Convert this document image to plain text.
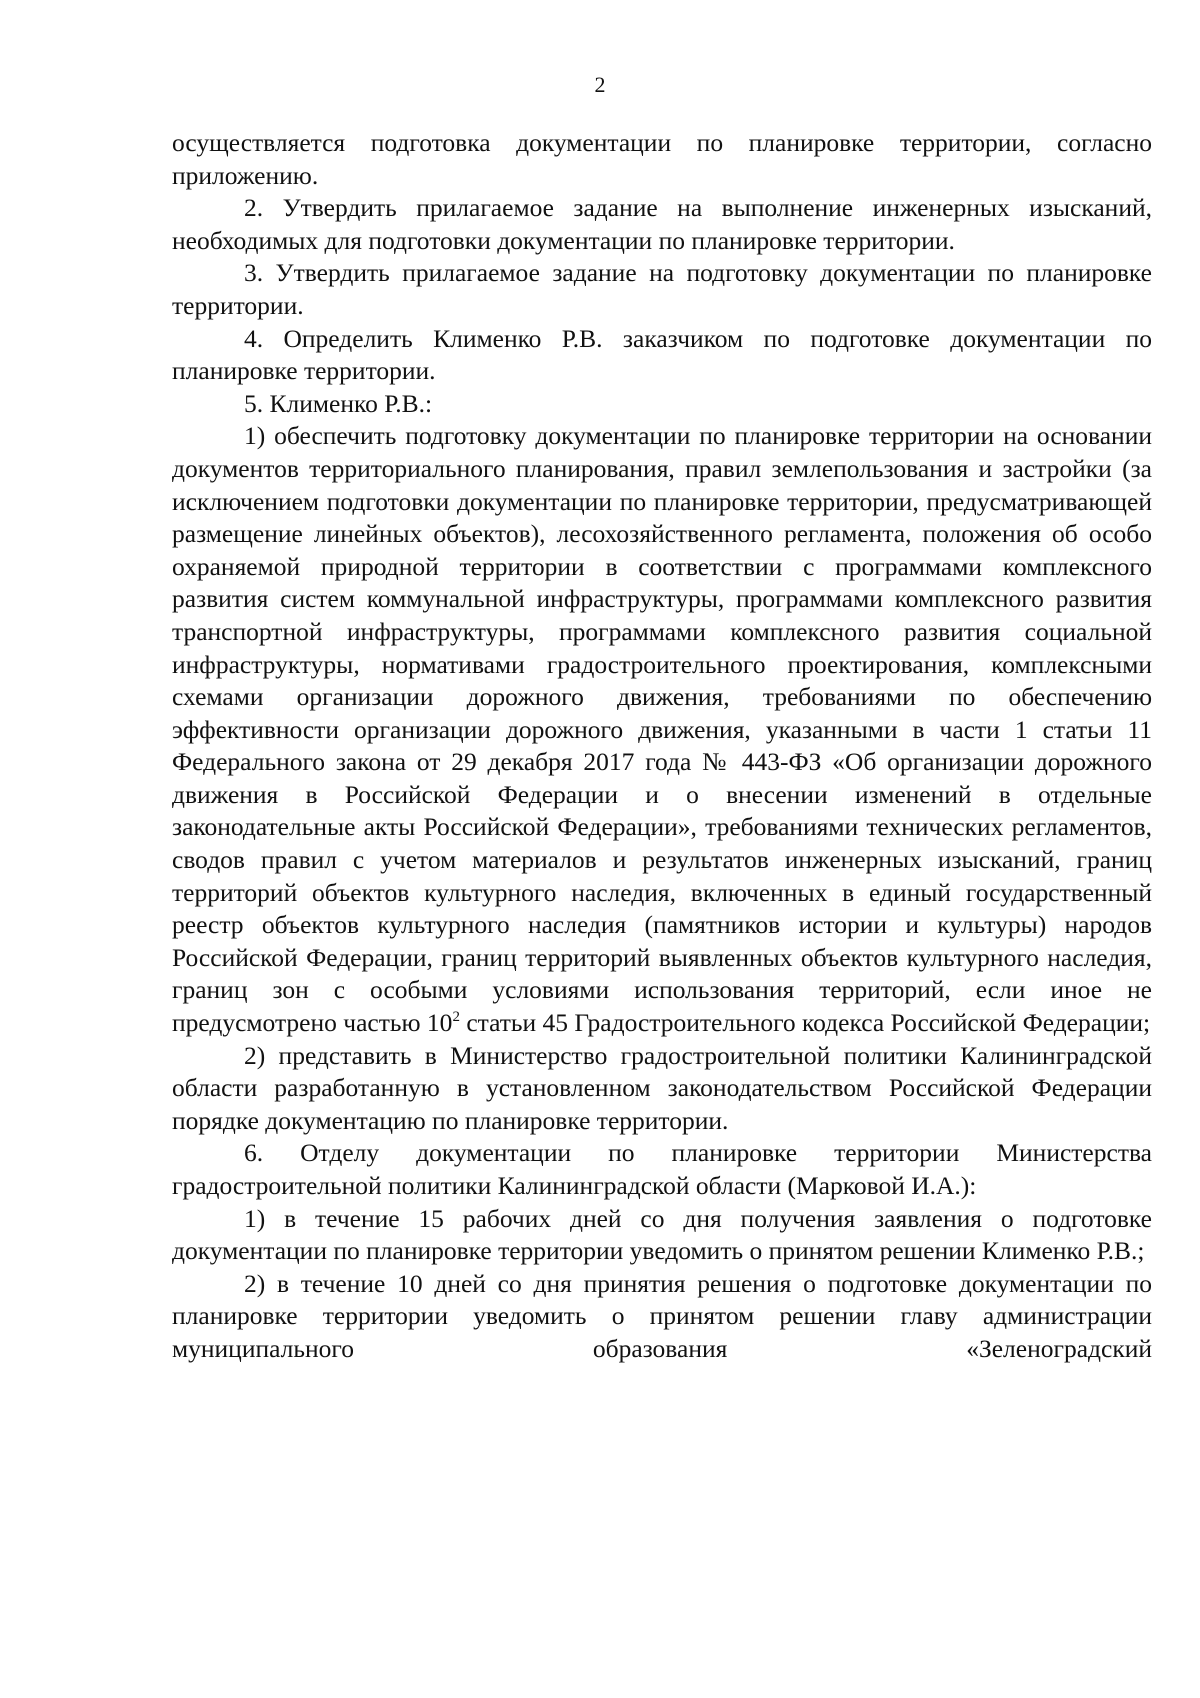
2

осуществляется подготовка документации по планировке территории, согласно приложению.

2. Утвердить прилагаемое задание на выполнение инженерных изысканий, необходимых для подготовки документации по планировке территории.

3. Утвердить прилагаемое задание на подготовку документации по планировке территории.

4. Определить Клименко Р.В. заказчиком по подготовке документации по планировке территории.

5. Клименко Р.В.:

1) обеспечить подготовку документации по планировке территории на основании документов территориального планирования, правил землепользования и застройки (за исключением подготовки документации по планировке территории, предусматривающей размещение линейных объектов), лесохозяйственного регламента, положения об особо охраняемой природной территории в соответствии с программами комплексного развития систем коммунальной инфраструктуры, программами комплексного развития транспортной инфраструктуры, программами комплексного развития социальной инфраструктуры, нормативами градостроительного проектирования, комплексными схемами организации дорожного движения, требованиями по обеспечению эффективности организации дорожного движения, указанными в части 1 статьи 11 Федерального закона от 29 декабря 2017 года № 443-ФЗ «Об организации дорожного движения в Российской Федерации и о внесении изменений в отдельные законодательные акты Российской Федерации», требованиями технических регламентов, сводов правил с учетом материалов и результатов инженерных изысканий, границ территорий объектов культурного наследия, включенных в единый государственный реестр объектов культурного наследия (памятников истории и культуры) народов Российской Федерации, границ территорий выявленных объектов культурного наследия, границ зон с особыми условиями использования территорий, если иное не предусмотрено частью $10^2$ статьи 45 Градостроительного кодекса Российской Федерации;

2) представить в Министерство градостроительной политики Калининградской области разработанную в установленном законодательством Российской Федерации порядке документацию по планировке территории.

6. Отделу документации по планировке территории Министерства градостроительной политики Калининградской области (Марковой И.А.):

1) в течение 15 рабочих дней со дня получения заявления о подготовке документации по планировке территории уведомить о принятом решении Клименко Р.В.;

2) в течение 10 дней со дня принятия решения о подготовке документации по планировке территории уведомить о принятом решении главу администрации муниципального образования «Зеленоградский
